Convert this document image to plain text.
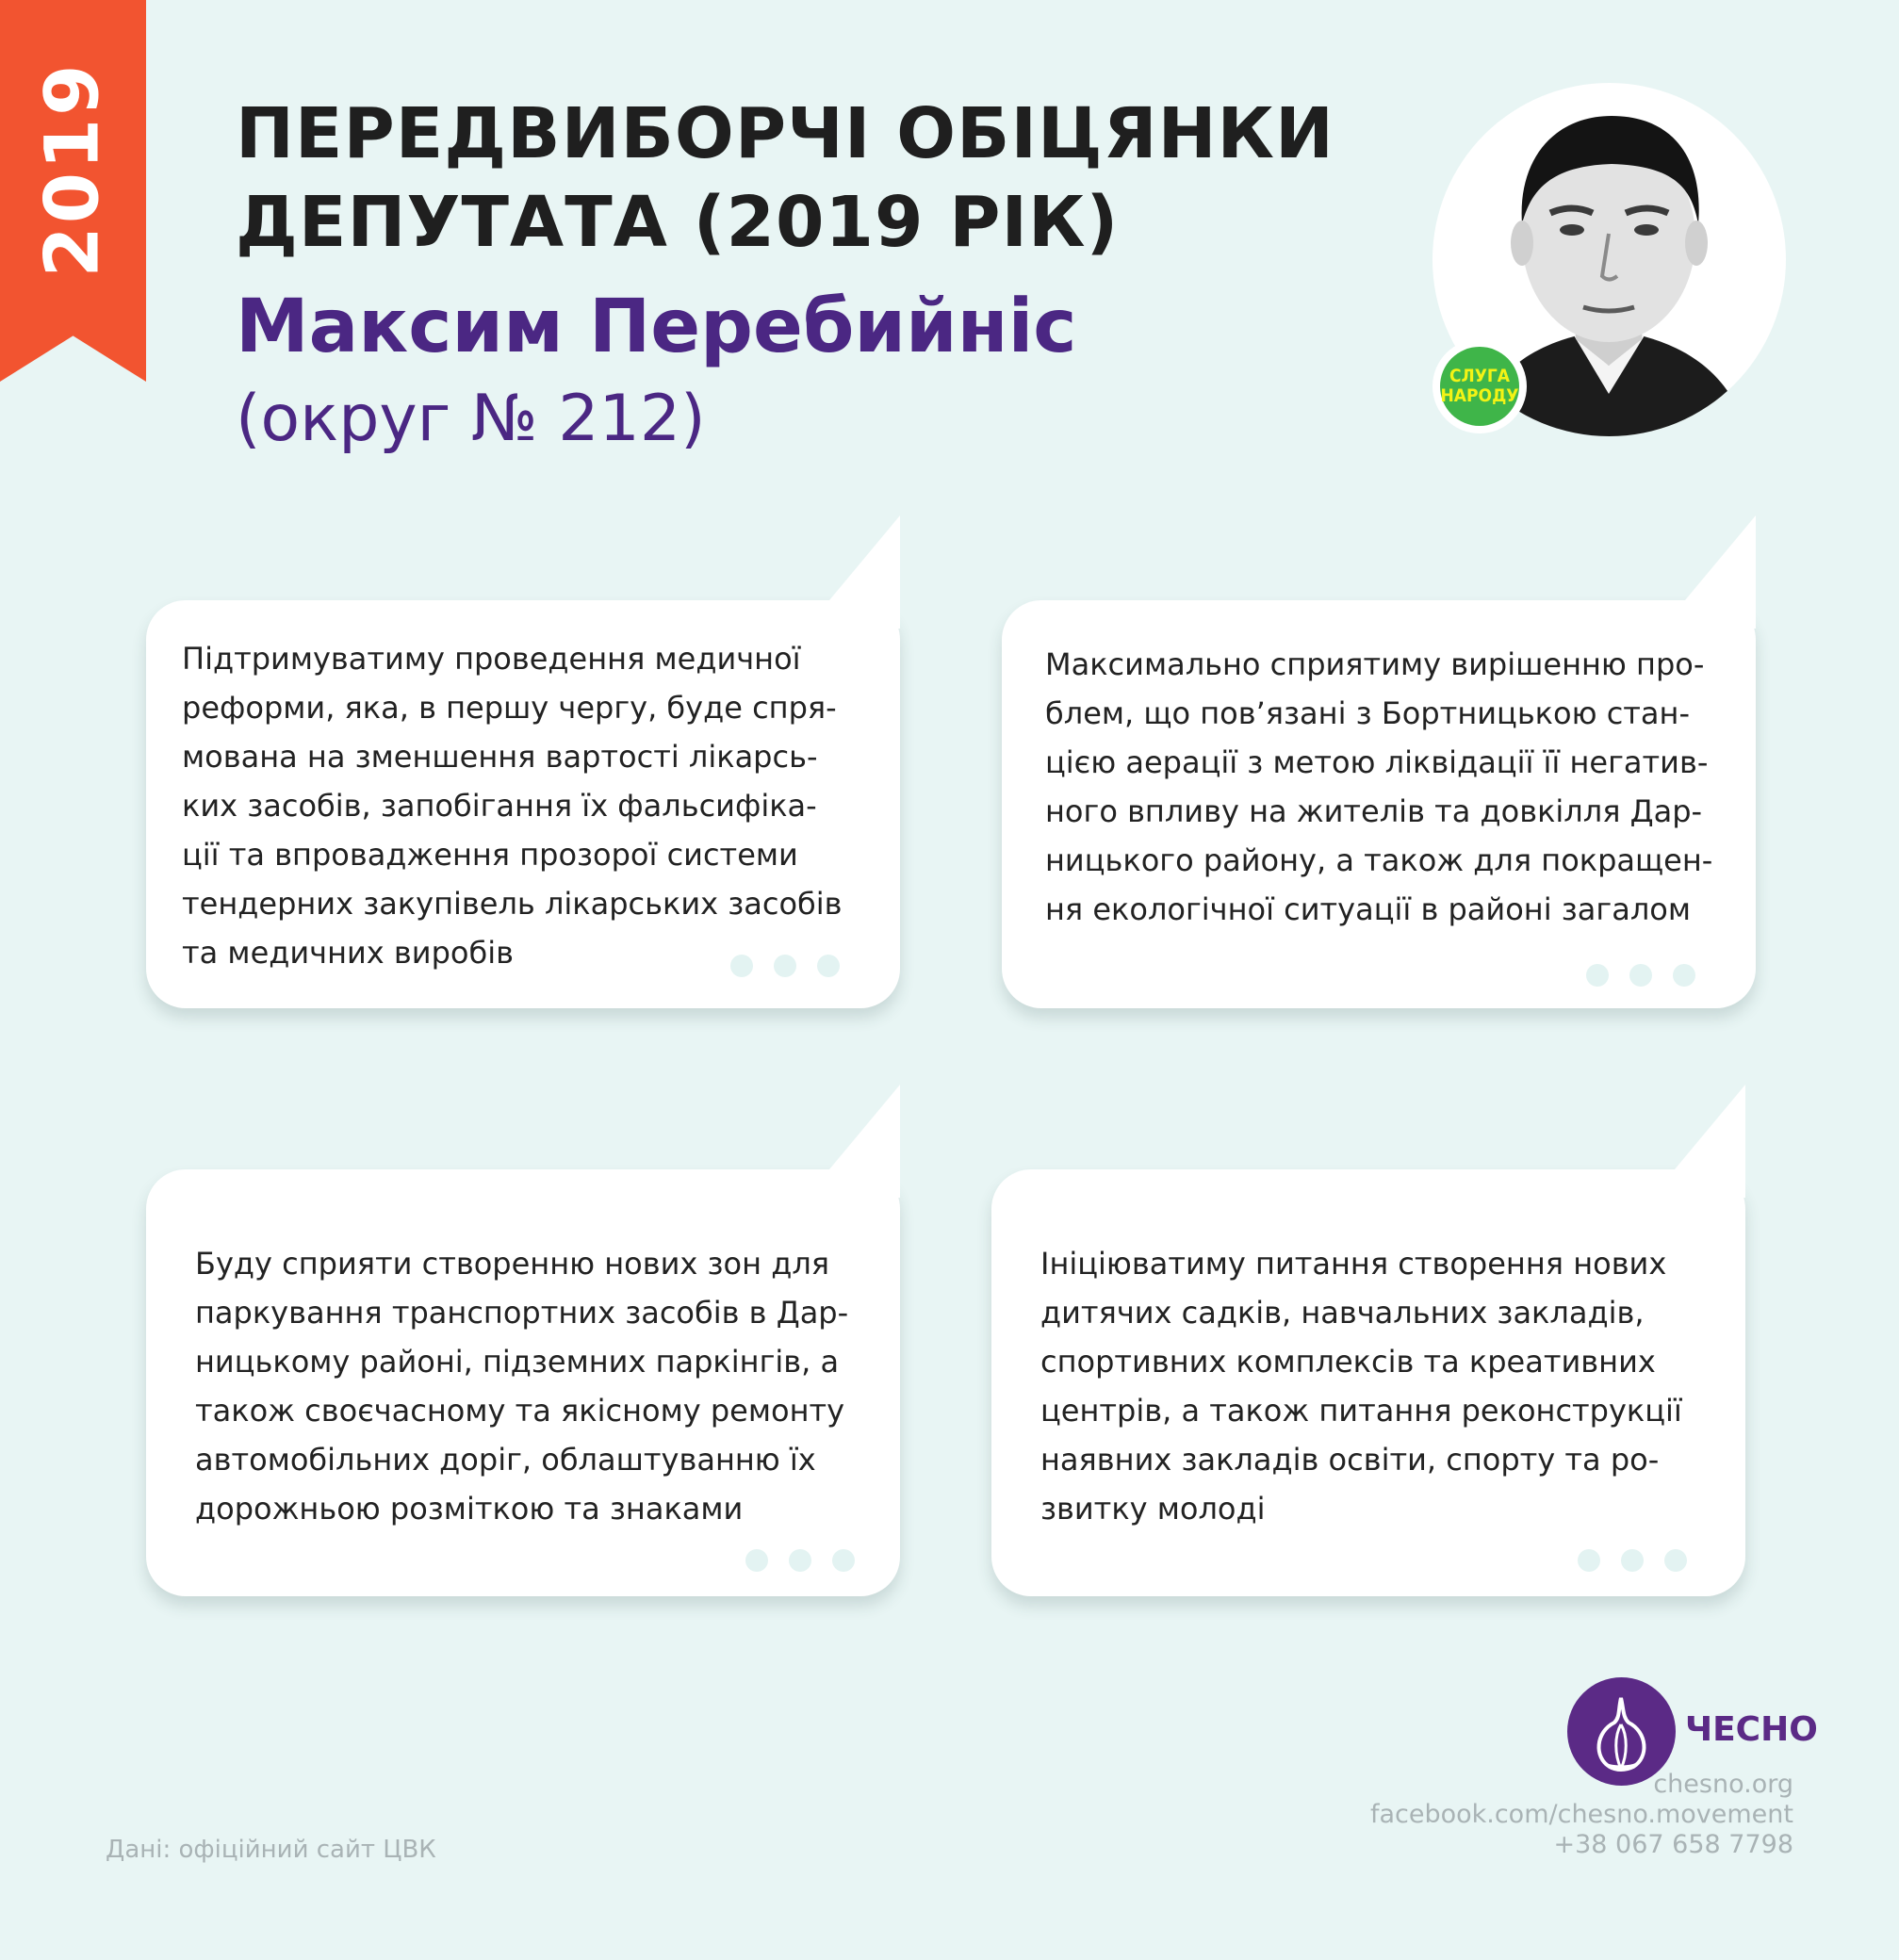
2019 ПЕРЕДВИБОРЧІ ОБІЦЯНКИ
ДЕПУТАТА (2019 РІК)
Максим Перебийніс
(округ № 212)
СЛУГА
НАРОДУ
Підтримуватиму проведення медичної
реформи, яка, в першу чергу, буде спря-
мована на зменшення вартості лікарсь-
ких засобів, запобігання їх фальсифіка-
ції та впровадження прозорої системи
тендерних закупівель лікарських засобів
та медичних виробів
Максимально сприятиму вирішенню про-
блем, що пов’язані з Бортницькою стан-
цією аерації з метою ліквідації її негатив-
ного впливу на жителів та довкілля Дар-
ницького району, а також для покращен-
ня екологічної ситуації в районі загалом
Буду сприяти створенню нових зон для
паркування транспортних засобів в Дар-
ницькому районі, підземних паркінгів, а
також своєчасному та якісному ремонту
автомобільних доріг, облаштуванню їх
дорожньою розміткою та знаками
Ініціюватиму питання створення нових
дитячих садків, навчальних закладів,
спортивних комплексів та креативних
центрів, а також питання реконструкції
наявних закладів освіти, спорту та ро-
звитку молоді
ЧЕСНО
chesno.org
facebook.com/chesno.movement
+38 067 658 7798
Дані: офіційний сайт ЦВК
